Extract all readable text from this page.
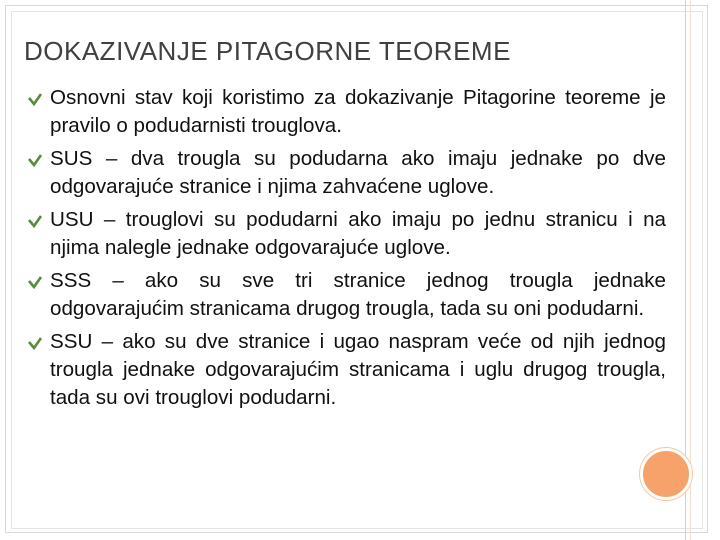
DOKAZIVANJE PITAGORNE TEOREME
Osnovni stav koji koristimo za dokazivanje Pitagorine teoreme je pravilo o podudarnisti trouglova.
SUS – dva trougla su podudarna ako imaju jednake po dve odgovarajuće stranice i njima zahvaćene uglove.
USU – trouglovi su podudarni ako imaju po jednu stranicu i na njima nalegle jednake odgovarajuće uglove.
SSS – ako su sve tri stranice jednog trougla jednake odgovarajućim stranicama drugog trougla, tada su oni podudarni.
SSU – ako su dve stranice i ugao naspram veće od njih jednog trougla jednake odgovarajućim stranicama i uglu drugog trougla, tada su ovi trouglovi podudarni.
